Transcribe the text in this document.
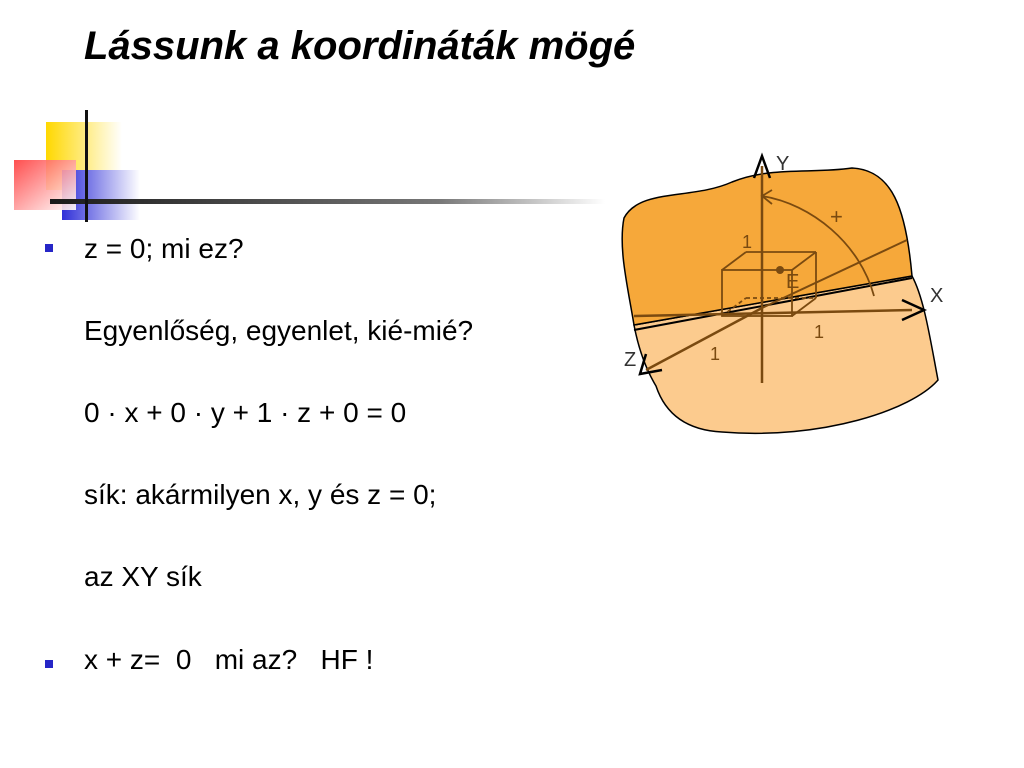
Lássunk a koordináták mögé

z = 0; mi ez?

Egyenlőség, egyenlet, kié-mié?

0 · x + 0 · y + 1 · z + 0 = 0

sík: akármilyen x, y és z = 0;

az XY sík

x + z=  0   mi az?   HF !
Y
X
Z
E
+
1
1
1
